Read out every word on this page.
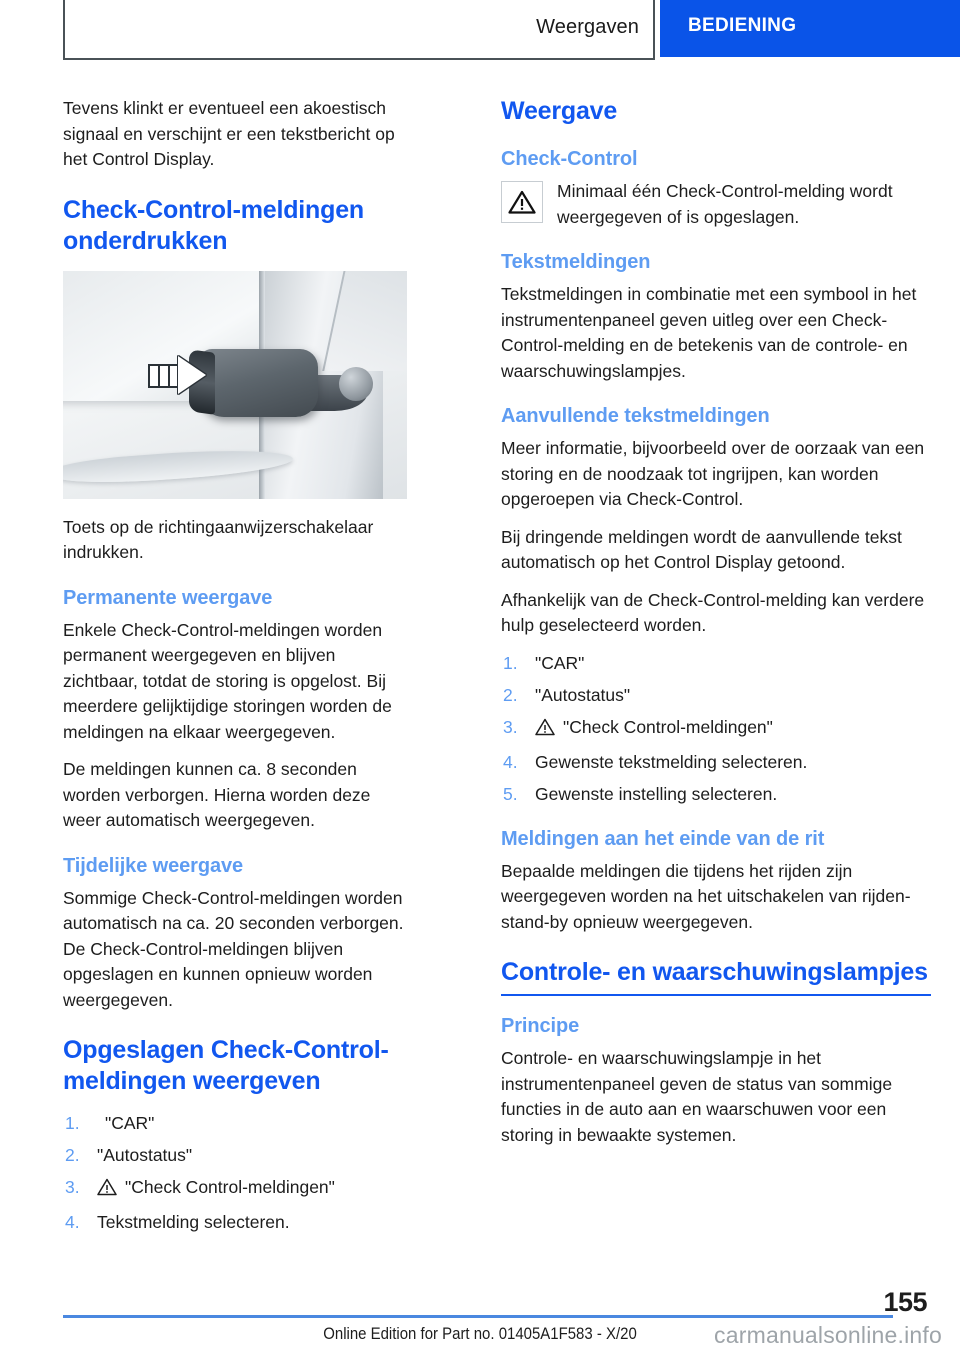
Weergaven	BEDIENING

Tevens klinkt er eventueel een akoestisch signaal en verschijnt er een tekstbericht op het Control Display.

Check-Control-meldingen onderdrukken

Toets op de richtingaanwijzerschakelaar indrukken.

Permanente weergave

Enkele Check-Control-meldingen worden permanent weergegeven en blijven zichtbaar, totdat de storing is opgelost. Bij meerdere gelijktijdige storingen worden de meldingen na elkaar weergegeven.

De meldingen kunnen ca. 8 seconden worden verborgen. Hierna worden deze weer automatisch weergegeven.

Tijdelijke weergave

Sommige Check-Control-meldingen worden automatisch na ca. 20 seconden verborgen. De Check-Control-meldingen blijven opgeslagen en kunnen opnieuw worden weergegeven.

Opgeslagen Check-Control-meldingen weergeven
"CAR"
"Autostatus"
"Check Control-meldingen"
Tekstmelding selecteren.
Weergave
Check-Control
Minimaal één Check-Control-melding wordt weergegeven of is opgeslagen.
Tekstmeldingen

Tekstmeldingen in combinatie met een symbool in het instrumentenpaneel geven uitleg over een Check-Control-melding en de betekenis van de controle- en waarschuwingslampjes.

Aanvullende tekstmeldingen

Meer informatie, bijvoorbeeld over de oorzaak van een storing en de noodzaak tot ingrijpen, kan worden opgeroepen via Check-Control.

Bij dringende meldingen wordt de aanvullende tekst automatisch op het Control Display getoond.

Afhankelijk van de Check-Control-melding kan verdere hulp geselecteerd worden.

"CAR"
"Autostatus"
"Check Control-meldingen"
Gewenste tekstmelding selecteren.
Gewenste instelling selecteren.
Meldingen aan het einde van de rit

Bepaalde meldingen die tijdens het rijden zijn weergegeven worden na het uitschakelen van rijden-stand-by opnieuw weergegeven.

Controle- en waarschuwingslampjes
Principe

Controle- en waarschuwingslampje in het instrumentenpaneel geven de status van sommige functies in de auto aan en waarschuwen voor een storing in bewaakte systemen.

155
Online Edition for Part no. 01405A1F583 - X/20	carmanualsonline.info
